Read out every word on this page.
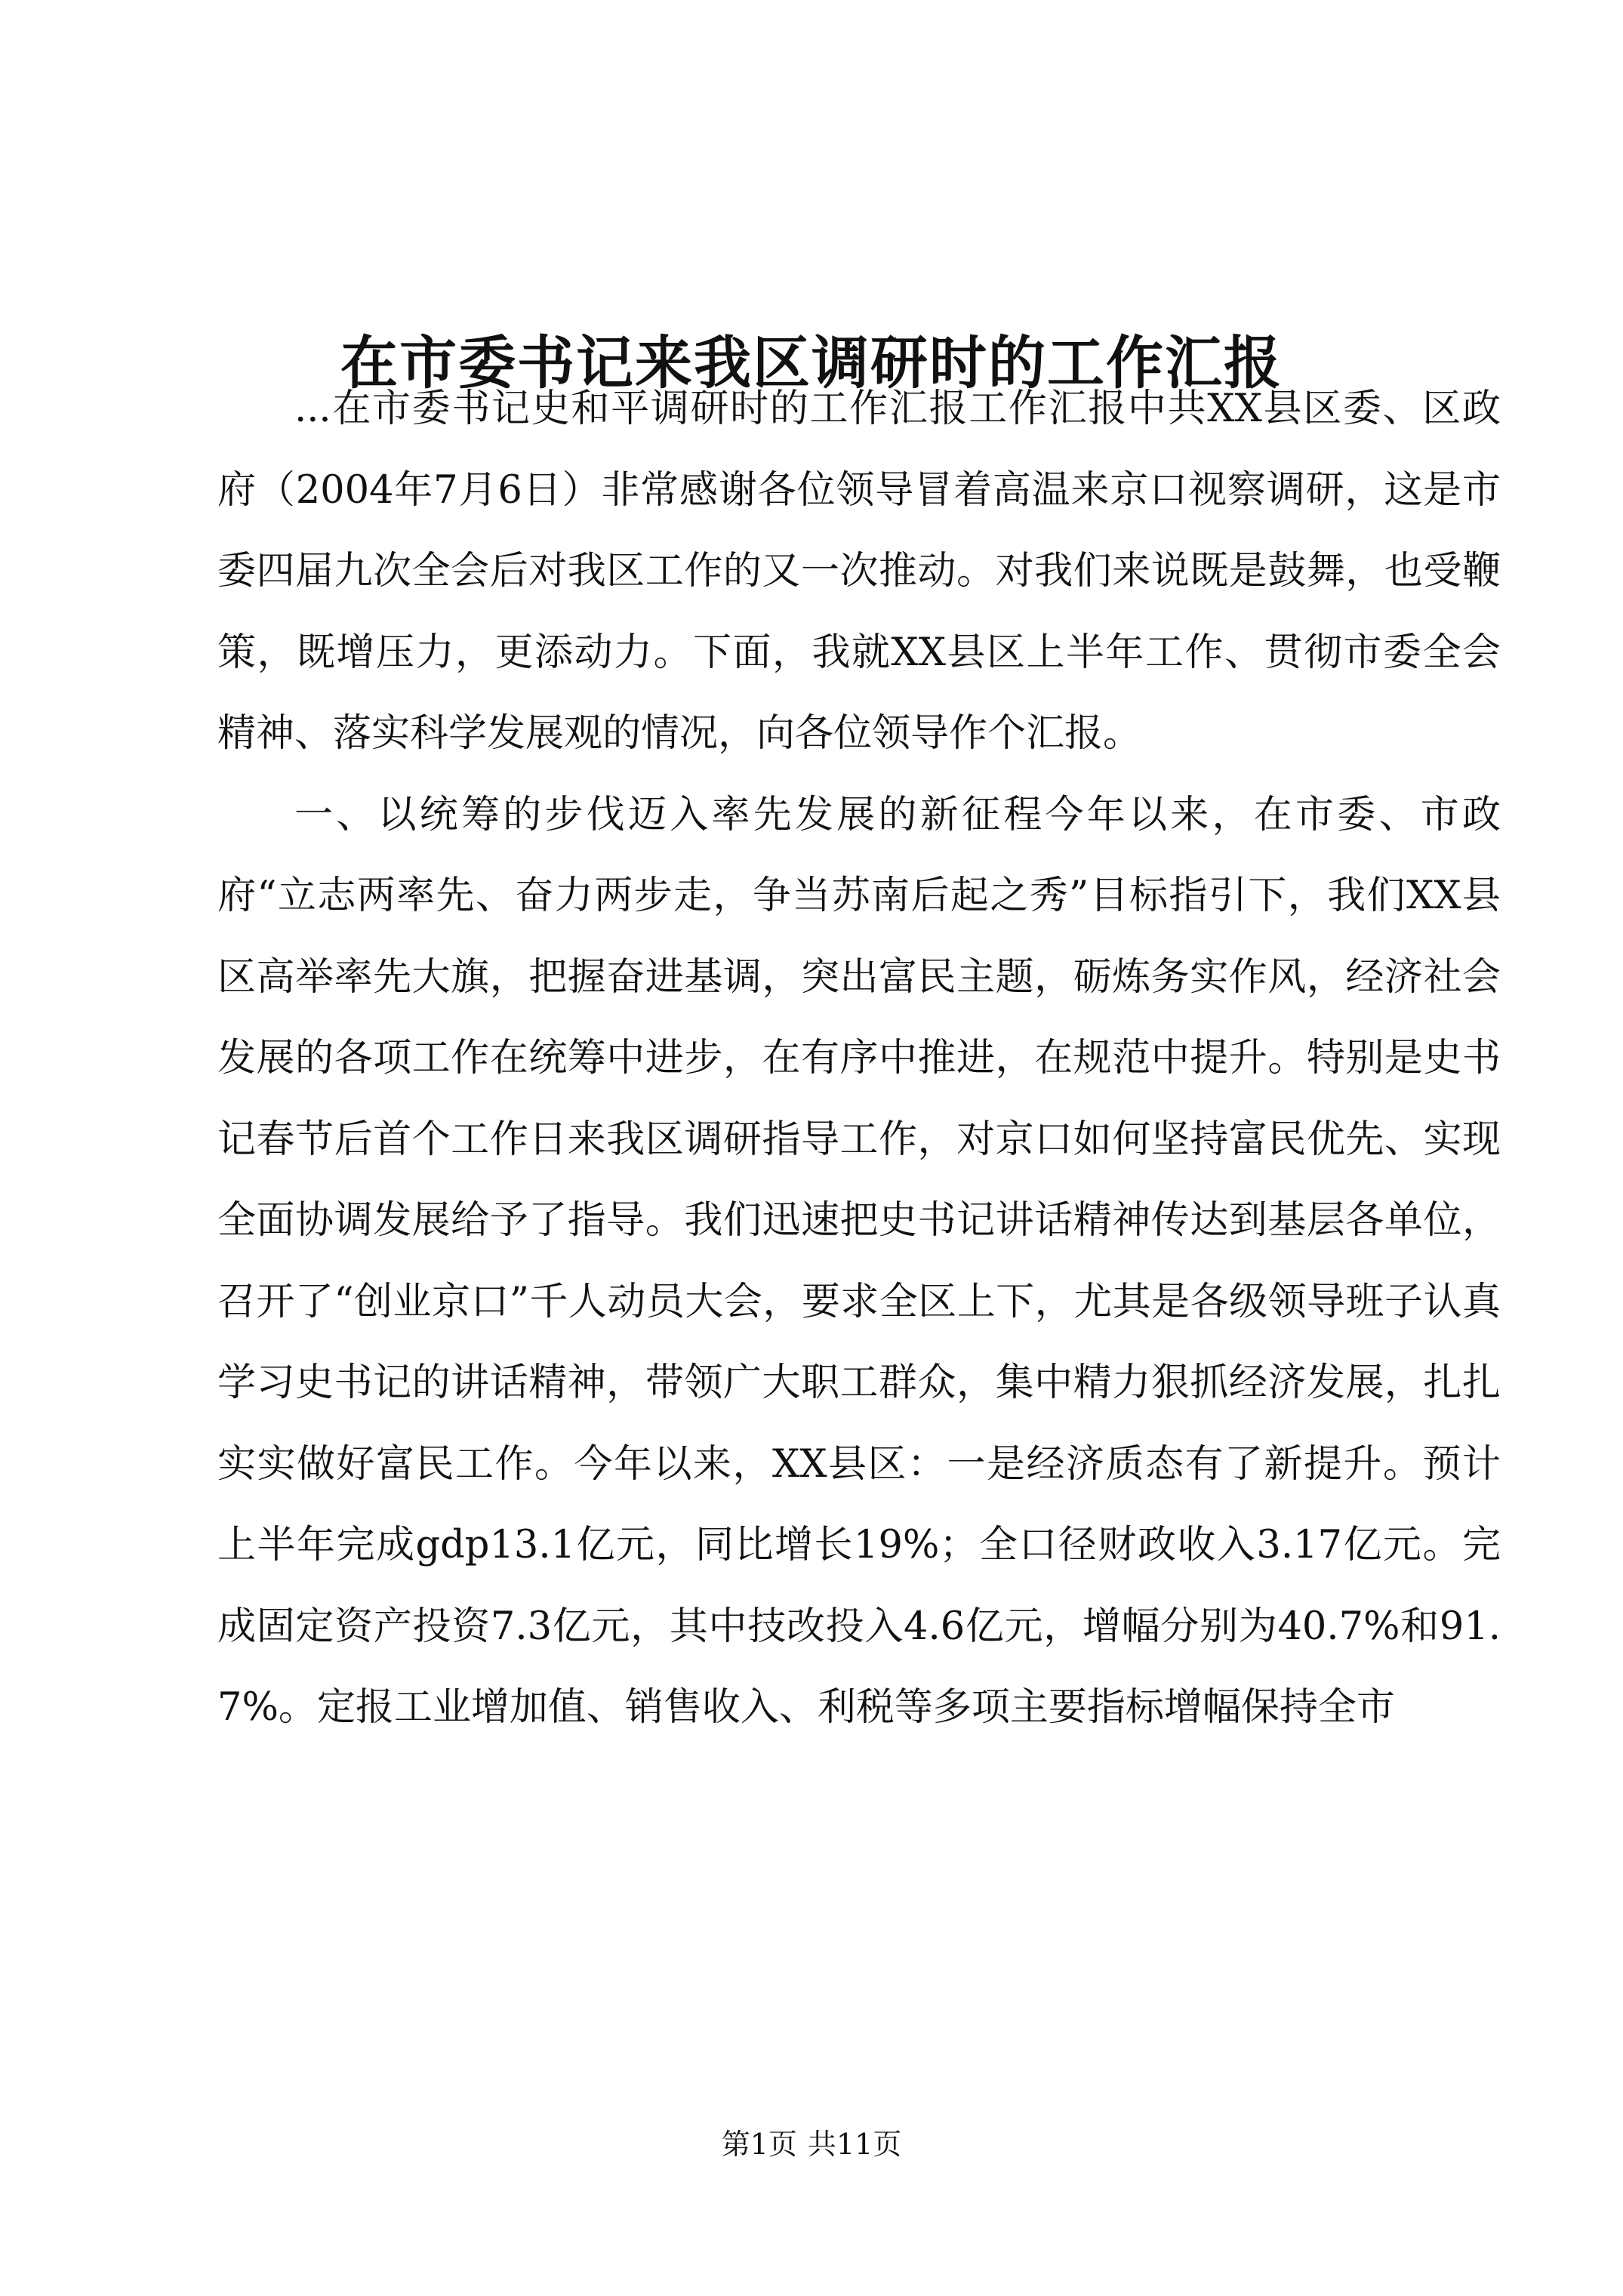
在市委书记来我区调研时的工作汇报

...在市委书记史和平调研时的工作汇报工作汇报中共XX县区委、区政府（2004年7月6日）非常感谢各位领导冒着高温来京口视察调研，这是市委四届九次全会后对我区工作的又一次推动。对我们来说既是鼓舞，也受鞭策，既增压力，更添动力。下面，我就XX县区上半年工作、贯彻市委全会精神、落实科学发展观的情况，向各位领导作个汇报。

一、以统筹的步伐迈入率先发展的新征程今年以来，在市委、市政府“立志两率先、奋力两步走，争当苏南后起之秀”目标指引下，我们XX县区高举率先大旗，把握奋进基调，突出富民主题，砺炼务实作风，经济社会发展的各项工作在统筹中进步，在有序中推进，在规范中提升。特别是史书记春节后首个工作日来我区调研指导工作，对京口如何坚持富民优先、实现全面协调发展给予了指导。我们迅速把史书记讲话精神传达到基层各单位，召开了“创业京口”千人动员大会，要求全区上下，尤其是各级领导班子认真学习史书记的讲话精神，带领广大职工群众，集中精力狠抓经济发展，扎扎实实做好富民工作。今年以来，XX县区：一是经济质态有了新提升。预计上半年完成gdp13.1亿元，同比增长19%；全口径财政收入3.17亿元。完成固定资产投资7.3亿元，其中技改投入4.6亿元，增幅分别为40.7%和91.7%。定报工业增加值、销售收入、利税等多项主要指标增幅保持全市

第1页 共11页
